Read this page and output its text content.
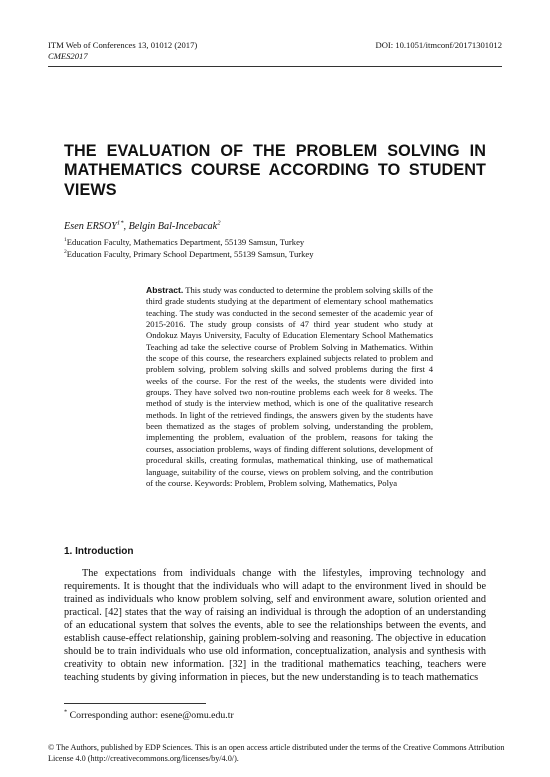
ITM Web of Conferences 13, 01012 (2017)	DOI: 10.1051/itmconf/20171301012
CMES2017
THE EVALUATION OF THE PROBLEM SOLVING IN MATHEMATICS COURSE ACCORDING TO STUDENT VIEWS
Esen $ERSOY^{1*}$, Belgin Bal-Incebacak$^2$
$^1$Education Faculty, Mathematics Department, 55139 Samsun, Turkey
$^2$Education Faculty, Primary School Department, 55139 Samsun, Turkey
Abstract. This study was conducted to determine the problem solving skills of the third grade students studying at the department of elementary school mathematics teaching. The study was conducted in the second semester of the academic year of 2015-2016. The study group consists of 47 third year student who study at Ondokuz Mayıs University, Faculty of Education Elementary School Mathematics Teaching ad take the selective course of Problem Solving in Mathematics. Within the scope of this course, the researchers explained subjects related to problem and problem solving, problem solving skills and solved problems during the first 4 weeks of the course. For the rest of the weeks, the students were divided into groups. They have solved two non-routine problems each week for 8 weeks. The method of study is the interview method, which is one of the qualitative research methods. In light of the retrieved findings, the answers given by the students have been thematized as the stages of problem solving, understanding the problem, implementing the problem, evaluation of the problem, reasons for taking the courses, association problems, ways of finding different solutions, development of procedural skills, creating formulas, mathematical thinking, use of mathematical language, suitability of the course, views on problem solving, and the contribution of the course. Keywords: Problem, Problem solving, Mathematics, Polya
1. Introduction
The expectations from individuals change with the lifestyles, improving technology and requirements. It is thought that the individuals who will adapt to the environment lived in should be trained as individuals who know problem solving, self and environment aware, solution oriented and practical. [42] states that the way of raising an individual is through the adoption of an understanding of an educational system that solves the events, able to see the relationships between the events, and establish cause-effect relationship, gaining problem-solving and reasoning. The objective in education should be to train individuals who use old information, conceptualization, analysis and synthesis with creativity to obtain new information. [32] in the traditional mathematics teaching, teachers were teaching students by giving information in pieces, but the new understanding is to teach mathematics
* Corresponding author: esene@omu.edu.tr
© The Authors, published by EDP Sciences. This is an open access article distributed under the terms of the Creative Commons Attribution License 4.0 (http://creativecommons.org/licenses/by/4.0/).
